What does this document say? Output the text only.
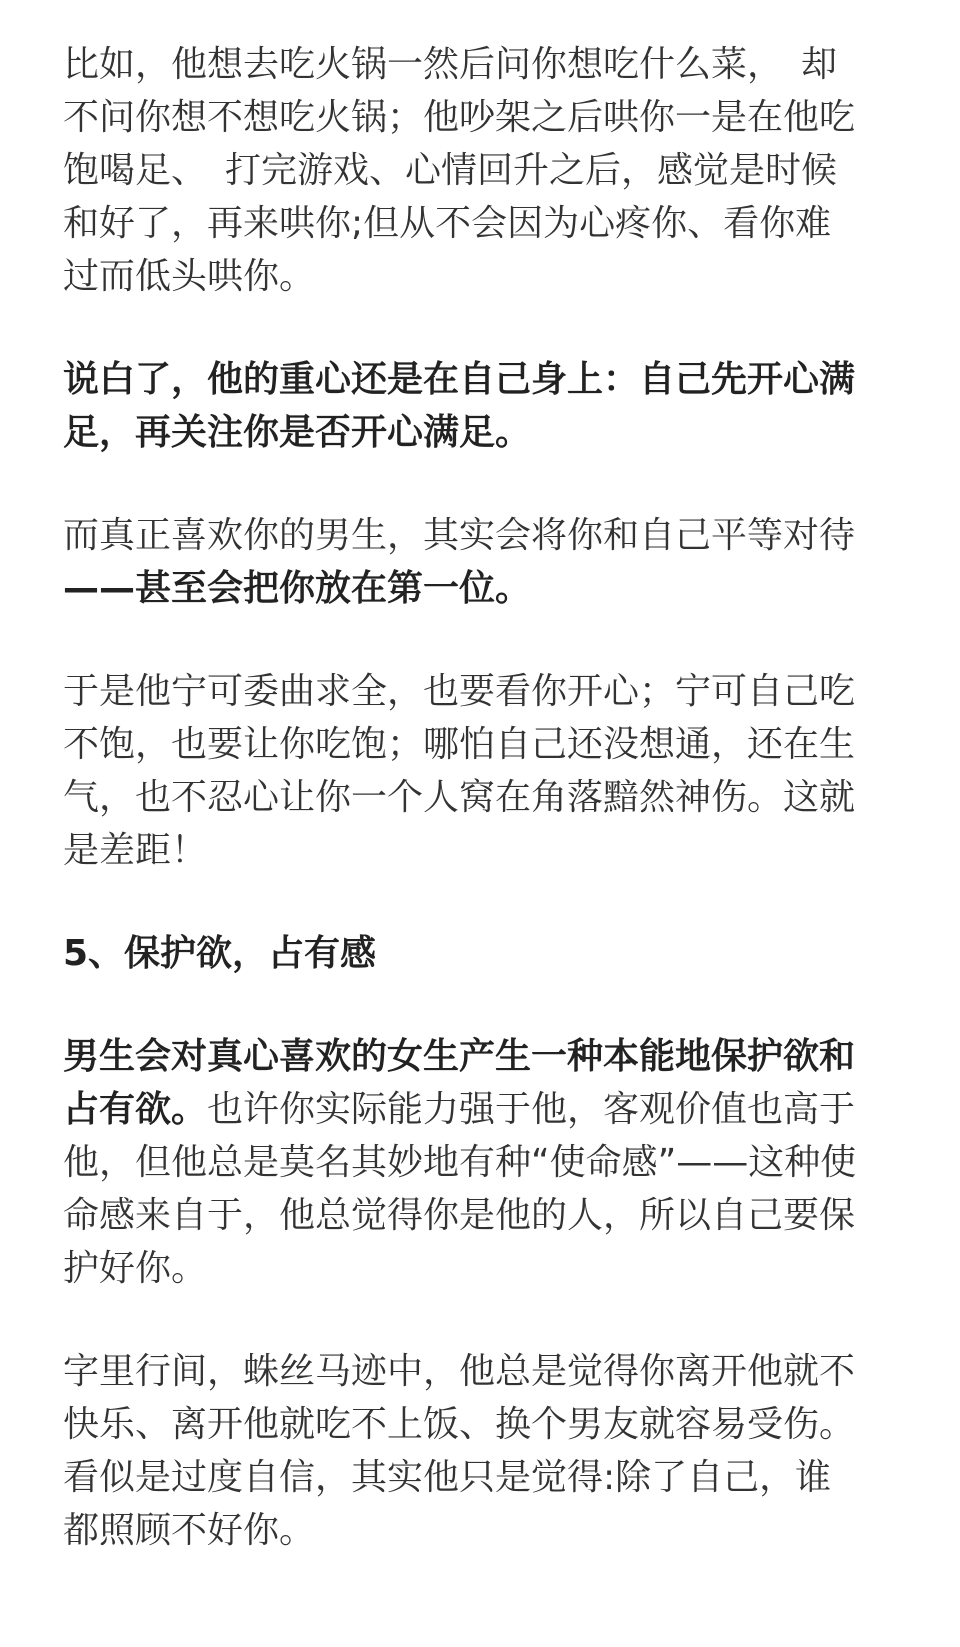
比如，他想去吃火锅一然后问你想吃什么菜，　却不问你想不想吃火锅；他吵架之后哄你一是在他吃饱喝足、　打完游戏、心情回升之后，感觉是时候和好了，再来哄你;但从不会因为心疼你、看你难过而低头哄你。

说白了，他的重心还是在自己身上：自己先开心满足，再关注你是否开心满足。

而真正喜欢你的男生，其实会将你和自己平等对待——甚至会把你放在第一位。

于是他宁可委曲求全，也要看你开心；宁可自己吃不饱，也要让你吃饱；哪怕自己还没想通，还在生气，也不忍心让你一个人窝在角落黯然神伤。这就是差距！

5、保护欲，占有感

男生会对真心喜欢的女生产生一种本能地保护欲和占有欲。也许你实际能力强于他，客观价值也高于他，但他总是莫名其妙地有种“使命感”——这种使命感来自于，他总觉得你是他的人，所以自己要保护好你。

字里行间，蛛丝马迹中，他总是觉得你离开他就不快乐、离开他就吃不上饭、换个男友就容易受伤。看似是过度自信，其实他只是觉得:除了自己，谁都照顾不好你。
